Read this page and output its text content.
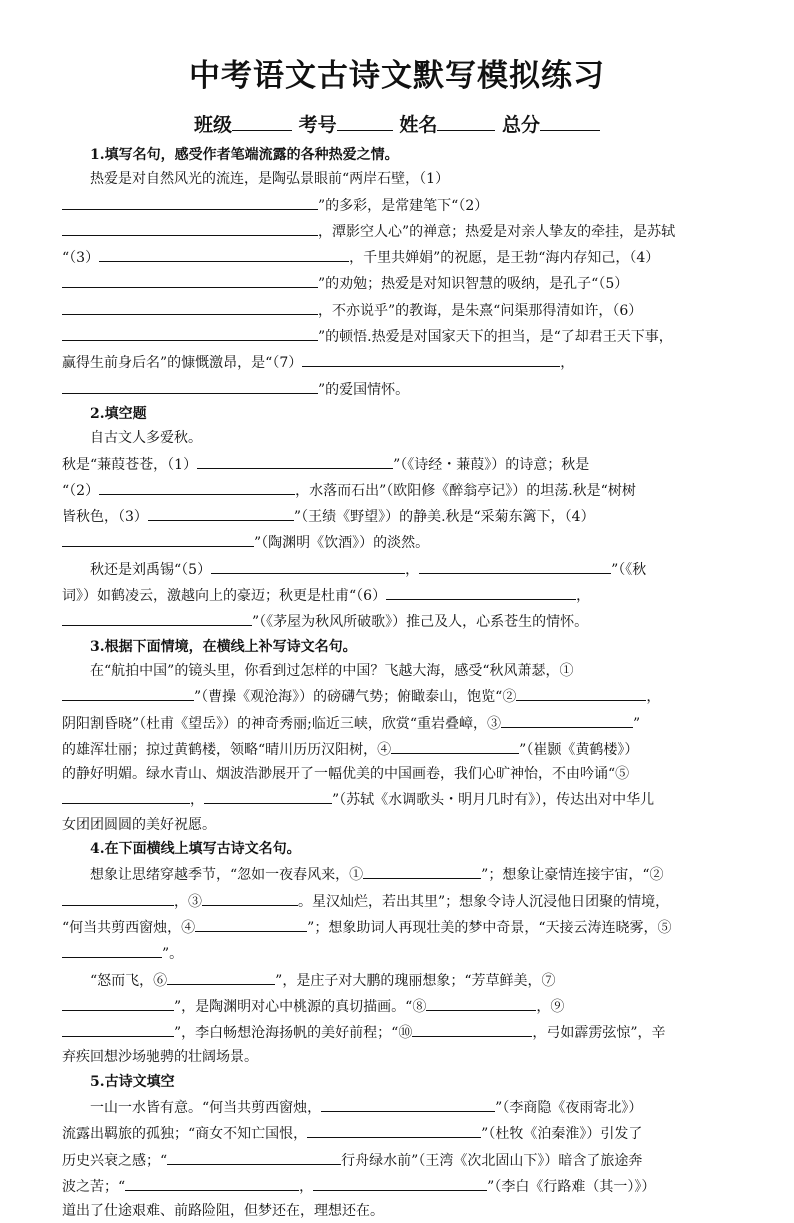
中考语文古诗文默写模拟练习
班级	考号	姓名	总分

1.填写名句，感受作者笔端流露的各种热爱之情。

热爱是对自然风光的流连，是陶弘景眼前“两岸石壁，（1）
”的多彩，是常建笔下“（2）
，潭影空人心”的禅意；热爱是对亲人挚友的牵挂，是苏轼
“（3）	，千里共婵娟”的祝愿，是王勃“海内存知己，（4）
”的劝勉；热爱是对知识智慧的吸纳，是孔子“（5）
，不亦说乎”的教诲，是朱熹“问渠那得清如许，（6）
”的顿悟.热爱是对国家天下的担当，是“了却君王天下事，
赢得生前身后名”的慷慨激昂，是“（7）	，
”的爱国情怀。

2.填空题

自古文人多爱秋。
秋是“蒹葭苍苍，（1）	”（《诗经・蒹葭》）的诗意；秋是

“（2）	，水落而石出”（欧阳修《醉翁亭记》）的坦荡.秋是“树树
皆秋色，（3）	”（王绩《野望》）的静美.秋是“采菊东篱下，（4）
”（陶渊明《饮酒》）的淡然。

秋还是刘禹锡“（5）	，	”（《秋

词》）如鹤凌云，激越向上的豪迈；秋更是杜甫“（6）	，
”（《茅屋为秋风所破歌》）推己及人，心系苍生的情怀。

3.根据下面情境，在横线上补写诗文名句。

在“航拍中国”的镜头里，你看到过怎样的中国？飞越大海，感受“秋风萧瑟，①

”（曹操《观沧海》）的磅礴气势；俯瞰泰山，饱览“②	，
阴阳割昏晓”（杜甫《望岳》）的神奇秀丽;临近三峡，欣赏“重岩叠嶂，③	”
的雄浑壮丽；掠过黄鹤楼，领略“晴川历历汉阳树，④	”（崔颢《黄鹤楼》）
的静好明媚。绿水青山、烟波浩渺展开了一幅优美的中国画卷，我们心旷神怡，不由吟诵“⑤
，	”（苏轼《水调歌头・明月几时有》），传达出对中华儿
女团团圆圆的美好祝愿。

4.在下面横线上填写古诗文名句。

想象让思绪穿越季节，“忽如一夜春风来，①	”；想象让豪情连接宇宙，“②

，③	。星汉灿烂，若出其里”；想象令诗人沉浸他日团聚的情境，
“何当共剪西窗烛，④	”；想象助词人再现壮美的梦中奇景，“天接云涛连晓雾，⑤
”。

“怒而飞，⑥	”，是庄子对大鹏的瑰丽想象；“芳草鲜美，⑦

”，是陶渊明对心中桃源的真切描画。“⑧	，⑨
”，李白畅想沧海扬帆的美好前程；“⑩	，弓如霹雳弦惊”，辛
弃疾回想沙场驰骋的壮阔场景。

5.古诗文填空

一山一水皆有意。“何当共剪西窗烛，	”（李商隐《夜雨寄北》）

流露出羁旅的孤独；“商女不知亡国恨，	”（杜牧《泊秦淮》）引发了
历史兴衰之感；“	行舟绿水前”（王湾《次北固山下》）暗含了旅途奔
波之苦；“	，	”（李白《行路难（其一）》）
道出了仕途艰难、前路险阻，但梦还在，理想还在。
